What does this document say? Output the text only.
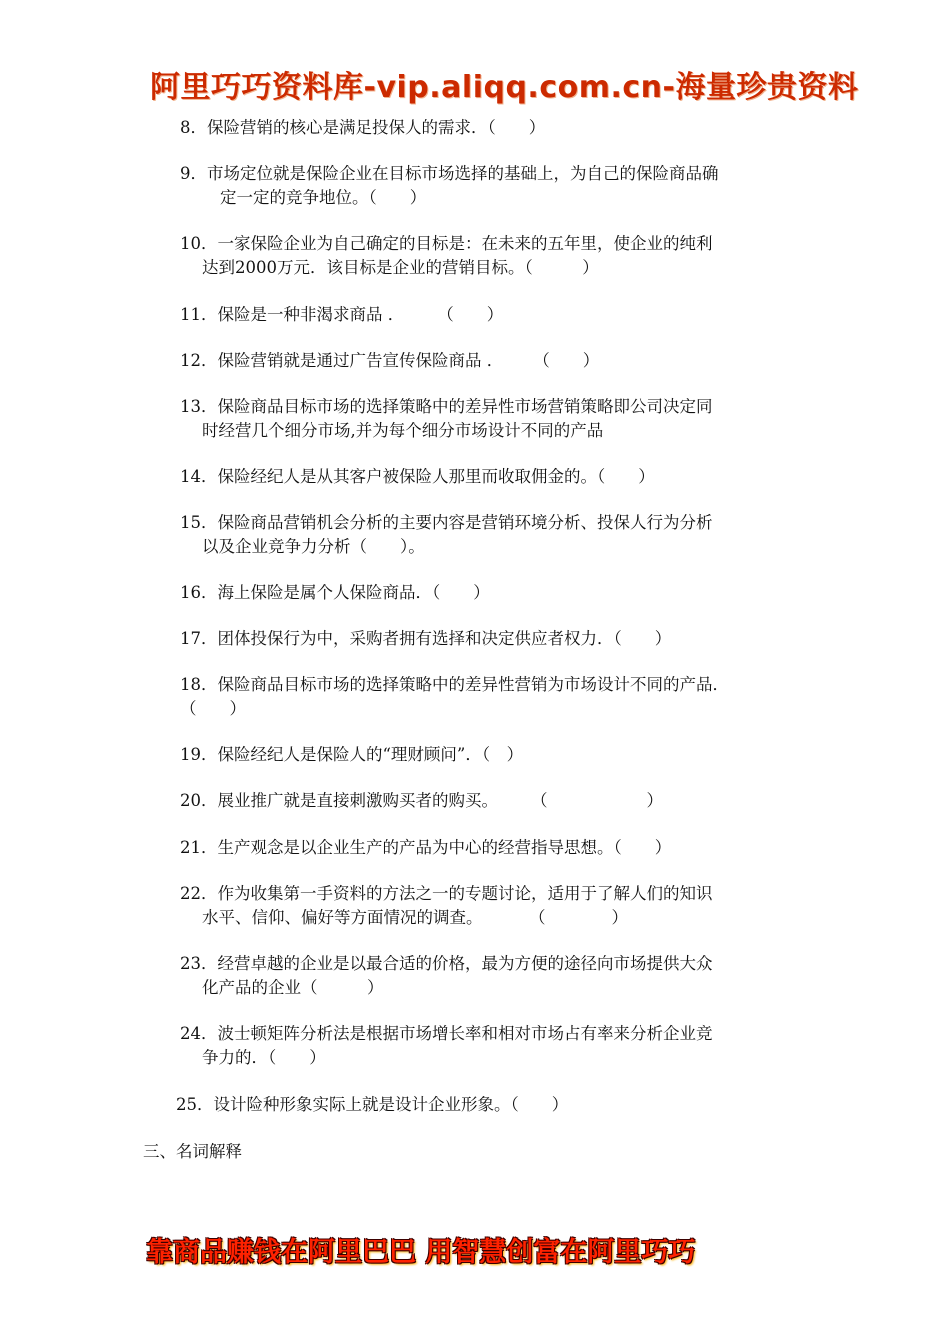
阿里巧巧资料库-vip.aliqq.com.cn-海量珍贵资料
8．保险营销的核心是满足投保人的需求．（　　）
9．市场定位就是保险企业在目标市场选择的基础上，为自己的保险商品确
定一定的竞争地位。（　　）
10．一家保险企业为自己确定的目标是：在未来的五年里，使企业的纯利
达到2000万元．该目标是企业的营销目标。（　　　）
11．保险是一种非渴求商品 ．　　　（　　）
12．保险营销就是通过广告宣传保险商品 ．　　 （　　）
13．保险商品目标市场的选择策略中的差异性市场营销策略即公司决定同
时经营几个细分市场,并为每个细分市场设计不同的产品
14．保险经纪人是从其客户被保险人那里而收取佣金的。（　　）
15．保险商品营销机会分析的主要内容是营销环境分析、投保人行为分析
以及企业竞争力分析（　　）。
16．海上保险是属个人保险商品．（　　）
17．团体投保行为中，采购者拥有选择和决定供应者权力．（　　）
18．保险商品目标市场的选择策略中的差异性营销为市场设计不同的产品．
（　　）
19．保险经纪人是保险人的“理财顾问”．（　）
20．展业推广就是直接刺激购买者的购买。　　　（　　　　　　）
21．生产观念是以企业生产的产品为中心的经营指导思想。（　　）
22．作为收集第一手资料的方法之一的专题讨论，适用于了解人们的知识
水平、信仰、偏好等方面情况的调查。　　　 （　　　　）
23．经营卓越的企业是以最合适的价格，最为方便的途径向市场提供大众
化产品的企业（　　　）
24．波士顿矩阵分析法是根据市场增长率和相对市场占有率来分析企业竞
争力的．（　　）
25．设计险种形象实际上就是设计企业形象。（　　）
三、名词解释
靠商品赚钱在阿里巴巴 用智慧创富在阿里巧巧
